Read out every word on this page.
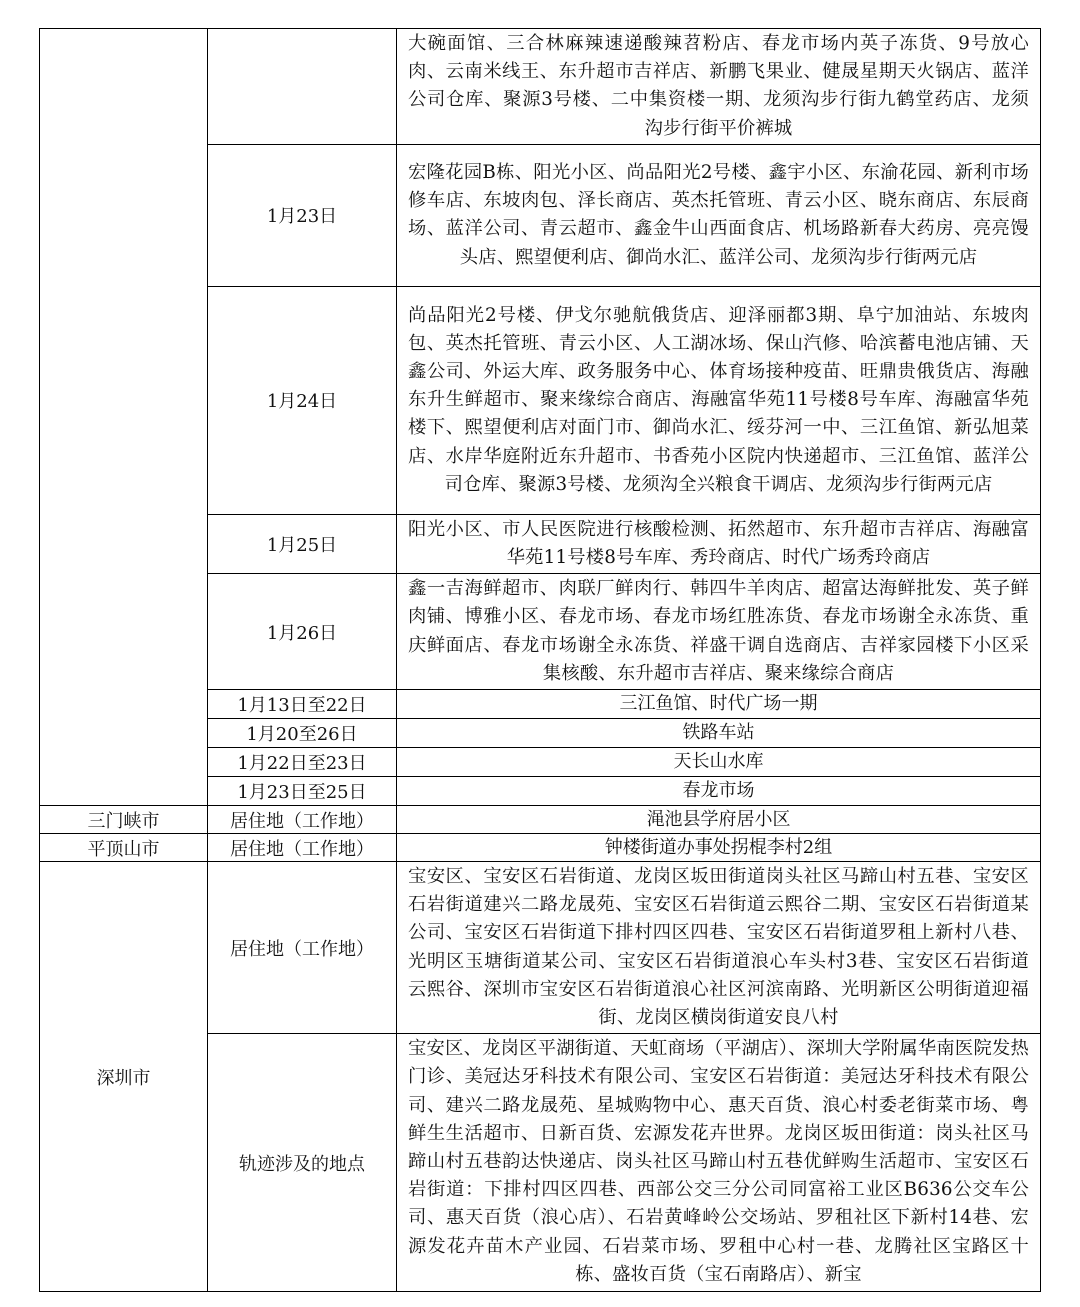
		大碗面馆、三合林麻辣速递酸辣苕粉店、春龙市场内英子冻货、9号放心肉、云南米线王、东升超市吉祥店、新鹏飞果业、健晟星期天火锅店、蓝洋公司仓库、聚源3号楼、二中集资楼一期、龙须沟步行街九鹤堂药店、龙须沟步行街平价裤城
	1月23日	宏隆花园B栋、阳光小区、尚品阳光2号楼、鑫宇小区、东渝花园、新利市场修车店、东坡肉包、泽长商店、英杰托管班、青云小区、晓东商店、东辰商场、蓝洋公司、青云超市、鑫金牛山西面食店、机场路新春大药房、亮亮馒头店、熙望便利店、御尚水汇、蓝洋公司、龙须沟步行街两元店
	1月24日	尚品阳光2号楼、伊戈尔驰航俄货店、迎泽丽都3期、阜宁加油站、东坡肉包、英杰托管班、青云小区、人工湖冰场、保山汽修、哈滨蓄电池店铺、天鑫公司、外运大库、政务服务中心、体育场接种疫苗、旺鼎贵俄货店、海融东升生鲜超市、聚来缘综合商店、海融富华苑11号楼8号车库、海融富华苑楼下、熙望便利店对面门市、御尚水汇、绥芬河一中、三江鱼馆、新弘旭菜店、水岸华庭附近东升超市、书香苑小区院内快递超市、三江鱼馆、蓝洋公司仓库、聚源3号楼、龙须沟全兴粮食干调店、龙须沟步行街两元店
	1月25日	阳光小区、市人民医院进行核酸检测、拓然超市、东升超市吉祥店、海融富华苑11号楼8号车库、秀玲商店、时代广场秀玲商店
	1月26日	鑫一吉海鲜超市、肉联厂鲜肉行、韩四牛羊肉店、超富达海鲜批发、英子鲜肉铺、博雅小区、春龙市场、春龙市场红胜冻货、春龙市场谢全永冻货、重庆鲜面店、春龙市场谢全永冻货、祥盛干调自选商店、吉祥家园楼下小区采集核酸、东升超市吉祥店、聚来缘综合商店
	1月13日至22日	三江鱼馆、时代广场一期
	1月20至26日	铁路车站
	1月22日至23日	天长山水库
	1月23日至25日	春龙市场
三门峡市	居住地（工作地）	渑池县学府居小区
平顶山市	居住地（工作地）	钟楼街道办事处拐棍李村2组
深圳市	居住地（工作地）	宝安区、宝安区石岩街道、龙岗区坂田街道岗头社区马蹄山村五巷、宝安区石岩街道建兴二路龙晟苑、宝安区石岩街道云熙谷二期、宝安区石岩街道某公司、宝安区石岩街道下排村四区四巷、宝安区石岩街道罗租上新村八巷、光明区玉塘街道某公司、宝安区石岩街道浪心车头村3巷、宝安区石岩街道云熙谷、深圳市宝安区石岩街道浪心社区河滨南路、光明新区公明街道迎福街、龙岗区横岗街道安良八村
	轨迹涉及的地点	宝安区、龙岗区平湖街道、天虹商场（平湖店）、深圳大学附属华南医院发热门诊、美冠达牙科技术有限公司、宝安区石岩街道：美冠达牙科技术有限公司、建兴二路龙晟苑、星城购物中心、惠天百货、浪心村委老街菜市场、粤鲜生生活超市、日新百货、宏源发花卉世界。龙岗区坂田街道：岗头社区马蹄山村五巷韵达快递店、岗头社区马蹄山村五巷优鲜购生活超市、宝安区石岩街道：下排村四区四巷、西部公交三分公司同富裕工业区B636公交车公司、惠天百货（浪心店）、石岩黄峰岭公交场站、罗租社区下新村14巷、宏源发花卉苗木产业园、石岩菜市场、罗租中心村一巷、龙腾社区宝路区十栋、盛妆百货（宝石南路店）、新宝
